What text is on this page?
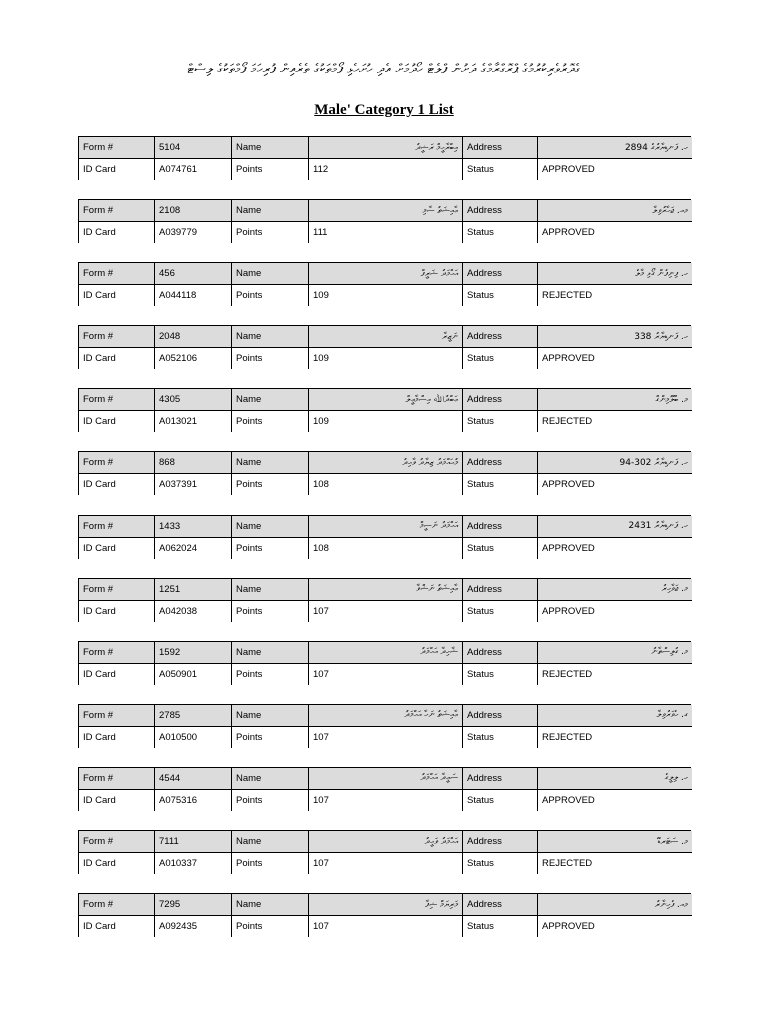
ގެދޮރުވެރިކުރުމުގެ ޕްރޮގްރާމްގެ ދަށުން ފްލެޓް ހޯދުމަށް އެދި ހުށަހެޅި ފޯމްތަކުގެ ތެރެއިން ފުރިހަމަ ފޯމްތަކުގެ ލިސްޓް
Male' Category 1 List
Form #	5104	Name	އިބްރާހީމް ރަޝީދު Address	ހ. ފަނޑިޔާރުގެ 2894
ID Card	A074761	Points	112	Status	APPROVED
Form #	2108	Name	ޢާއިޝަތު ސާމި Address	މއ. ޖަހާރުވިލާ
ID Card	A039779	Points	111	Status	APPROVED
Form #	456	Name	އަޙްމަދު ޝަރީފް Address	ހ. ފިނިފެން ގޯޅި މާލެ
ID Card	A044118	Points	109	Status	REJECTED
Form #	2048	Name	ނަޒީރާ Address	ހ. ފަނޑިޔާރު 338
ID Card	A052106	Points	109	Status	APPROVED
Form #	4305	Name	ޢަބްދުﷲ އިސްމާޢީލް Address	މ. ބްލޫމިންގް
ID Card	A013021	Points	109	Status	REJECTED
Form #	868	Name	މުޙައްމަދު ޒިޔާދު ވާޙިދު Address	ހ. ފަނޑިޔާރު 302-94
ID Card	A037391	Points	108	Status	APPROVED
Form #	1433	Name	އަޙްމަދު ނަސީމް Address	ހ. ފަނޑިޔާރު 2431
ID Card	A062024	Points	108	Status	APPROVED
Form #	1251	Name	ޢާއިޝަތު ނަޝްވާ Address	މ. ޖަވާހިރު
ID Card	A042038	Points	107	Status	APPROVED
Form #	1592	Name	ޝާހިދާ އަޙްމަދު Address	މ. ގުލިސްތާނު
ID Card	A050901	Points	107	Status	REJECTED
Form #	2785	Name	ޢާއިޝަތު ނަހާ އަޙްމަދު Address	ގ. ހެވަރުވިލާ
ID Card	A010500	Points	107	Status	REJECTED
Form #	4544	Name	ސަޢީދާ އަޙްމަދު Address	ހ. ލިލީގެ
ID Card	A075316	Points	107	Status	APPROVED
Form #	7111	Name	އަޙްމަދު ވަޙީދު Address	މ. ސަޓަރޑޭ
ID Card	A010337	Points	107	Status	REJECTED
Form #	7295	Name	މަރިޔަމް ޝިފާ Address	މއ. ފެހިނާރު
ID Card	A092435	Points	107	Status	APPROVED
